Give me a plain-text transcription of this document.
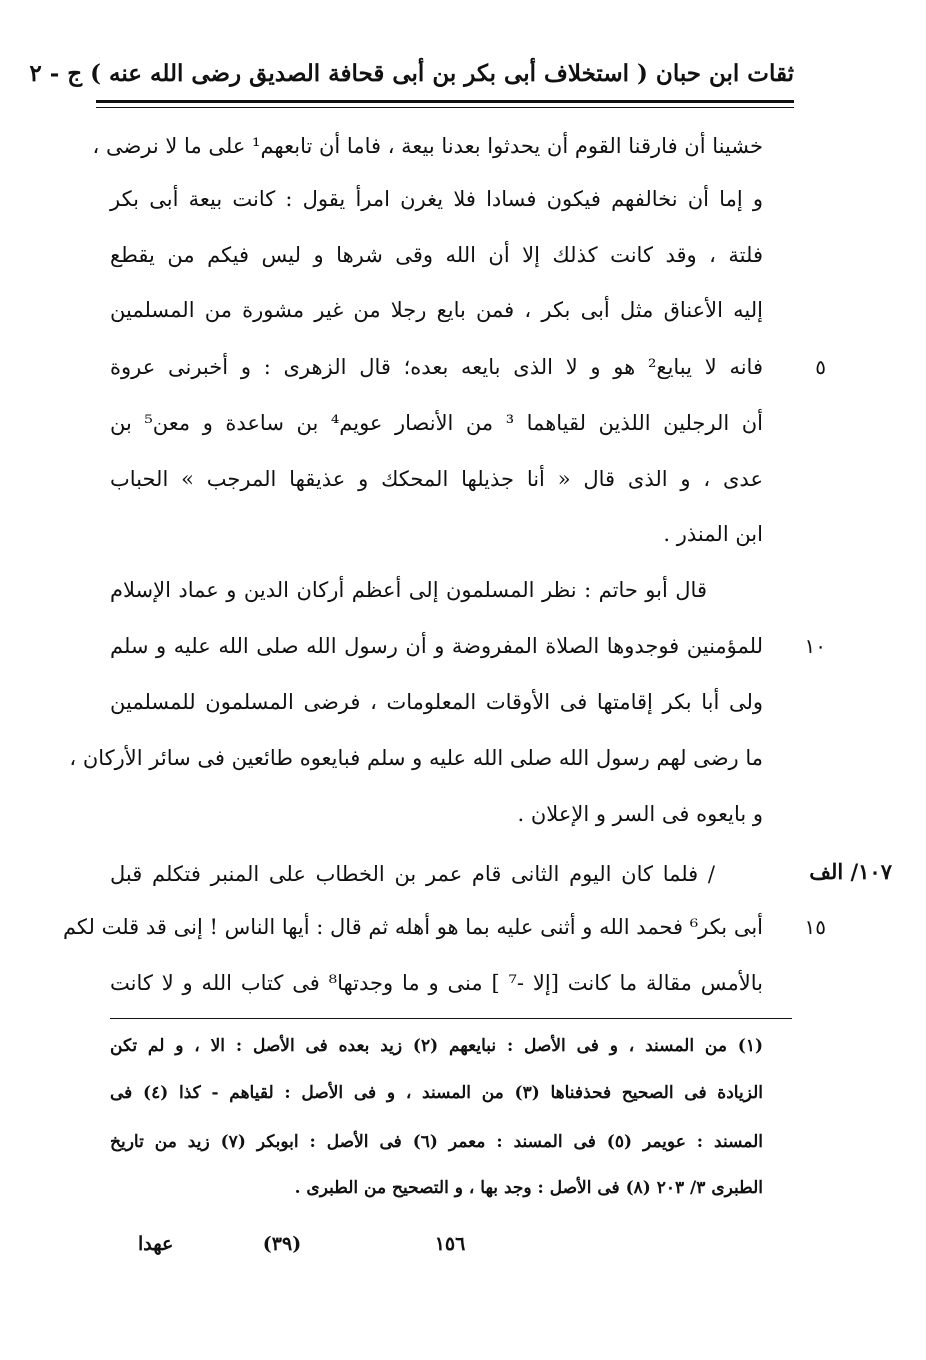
ثقات ابن حبان ( استخلاف أبى بكر بن أبى قحافة الصديق رضى الله عنه ) ج - ٢
خشينا أن فارقنا القوم أن يحدثوا بعدنا بيعة ، فاما أن تابعهم¹ على ما لا نرضى ،
و إما أن نخالفهم فيكون فسادا فلا يغرن امرأ يقول : كانت بيعة أبى بكر
فلتة ، وقد كانت كذلك إلا أن الله وقى شرها و ليس فيكم من يقطع
إليه الأعناق مثل أبى بكر ، فمن بايع رجلا من غير مشورة من المسلمين
فانه لا يبايع² هو و لا الذى بايعه بعده؛ قال الزهرى : و أخبرنى عروة
أن الرجلين اللذين لقياهما ³ من الأنصار عويم⁴ بن ساعدة و معن⁵ بن
عدى ، و الذى قال « أنا جذيلها المحكك و عذيقها المرجب » الحباب
ابن المنذر .
قال أبو حاتم : نظر المسلمون إلى أعظم أركان الدين و عماد الإسلام
للمؤمنين فوجدوها الصلاة المفروضة و أن رسول الله صلى الله عليه و سلم
ولى أبا بكر إقامتها فى الأوقات المعلومات ، فرضى المسلمون للمسلمين
ما رضى لهم رسول الله صلى الله عليه و سلم فبايعوه طائعين فى سائر الأركان ،
و بايعوه فى السر و الإعلان .
/ فلما كان اليوم الثانى قام عمر بن الخطاب على المنبر فتكلم قبل
أبى بكر⁶ فحمد الله و أثنى عليه بما هو أهله ثم قال : أيها الناس ! إنى قد قلت لكم
بالأمس مقالة ما كانت [إلا -⁷ ] منى و ما وجدتها⁸ فى كتاب الله و لا كانت
٥
١٠
١٥
١٠٧/ الف
(١) من المسند ، و فى الأصل : نبايعهم (٢) زيد بعده فى الأصل : الا ، و لم تكن
الزيادة فى الصحيح فحذفناها (٣) من المسند ، و فى الأصل : لقياهم - كذا (٤) فى
المسند : عويمر (٥) فى المسند : معمر (٦) فى الأصل : ابوبكر (٧) زيد من تاريخ
الطبرى ٣/ ٢٠٣ (٨) فى الأصل : وجد بها ، و التصحيح من الطبرى .
عهدا	(٣٩)	١٥٦
